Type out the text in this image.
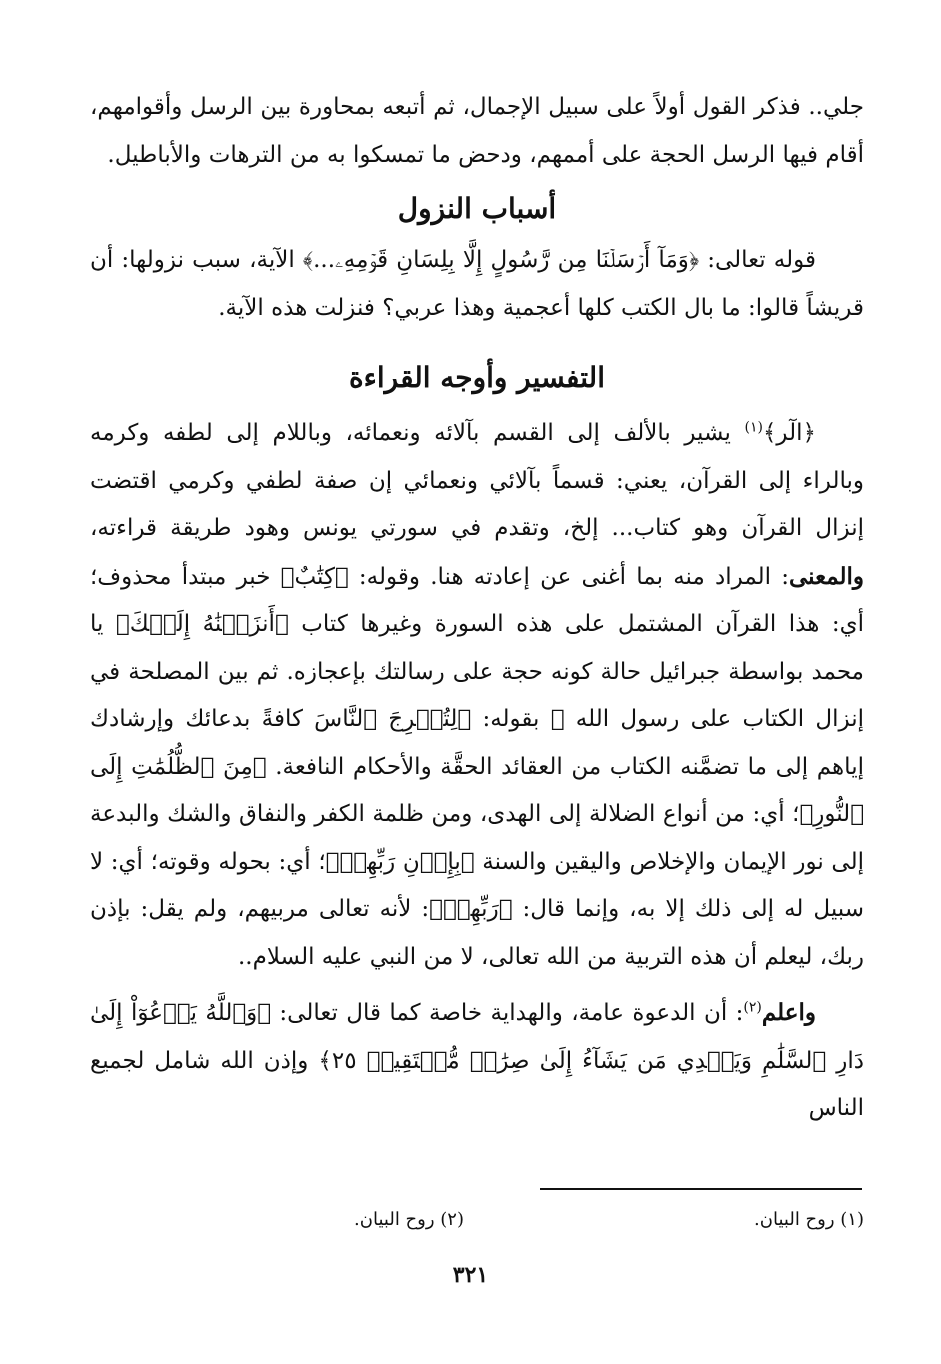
جلي.. فذكر القول أولاً على سبيل الإجمال، ثم أتبعه بمحاورة بين الرسل وأقوامهم، أقام فيها الرسل الحجة على أممهم، ودحض ما تمسكوا به من الترهات والأباطيل.

أسباب النزول

قوله تعالى: ﴿وَمَآ أَرۡسَلۡنَا مِن رَّسُولٍ إِلَّا بِلِسَانِ قَوۡمِهِۦ...﴾ الآية، سبب نزولها: أن قريشاً قالوا: ما بال الكتب كلها أعجمية وهذا عربي؟ فنزلت هذه الآية.

التفسير وأوجه القراءة

﴿الٓر﴾$^{(١)}$ يشير بالألف إلى القسم بآلائه ونعمائه، وباللام إلى لطفه وكرمه وبالراء إلى القرآن، يعني: قسماً بآلائي ونعمائي إن صفة لطفي وكرمي اقتضت إنزال القرآن وهو كتاب... إلخ، وتقدم في سورتي يونس وهود طريقة قراءته، والمعنى: المراد منه بما أغنى عن إعادته هنا. وقوله: ﴿كِتَٰبٌ﴾ خبر مبتدأ محذوف؛ أي: هذا القرآن المشتمل على هذه السورة وغيرها كتاب ﴿أَنزَلۡنَٰهُ إِلَيۡكَ﴾ يا محمد بواسطة جبرائيل حالة كونه حجة على رسالتك بإعجازه. ثم بين المصلحة في إنزال الكتاب على رسول الله ﷺ بقوله: ﴿لِتُخۡرِجَ ٱلنَّاسَ كافةً بدعائك وإرشادك إياهم إلى ما تضمَّنه الكتاب من العقائد الحقَّة والأحكام النافعة. ﴿مِنَ ٱلظُّلُمَٰتِ إِلَى ٱلنُّورِ﴾؛ أي: من أنواع الضلالة إلى الهدى، ومن ظلمة الكفر والنفاق والشك والبدعة إلى نور الإيمان والإخلاص واليقين والسنة ﴿بِإِذۡنِ رَبِّهِمۡ﴾؛ أي: بحوله وقوته؛ أي: لا سبيل له إلى ذلك إلا به، وإنما قال: ﴿رَبِّهِمۡ﴾: لأنه تعالى مربيهم، ولم يقل: بإذن ربك، ليعلم أن هذه التربية من الله تعالى، لا من النبي عليه السلام..

واعلم$^{(٢)}$: أن الدعوة عامة، والهداية خاصة كما قال تعالى: ﴿وَٱللَّهُ يَدۡعُوٓاْ إِلَىٰ دَارِ ٱلسَّلَٰمِ وَيَهۡدِي مَن يَشَآءُ إِلَىٰ صِرَٰطٖ مُّسۡتَقِيمٖ ٢٥﴾ وإذن الله شامل لجميع الناس

(١) روح البيان.
(٢) روح البيان.
٣٢١
